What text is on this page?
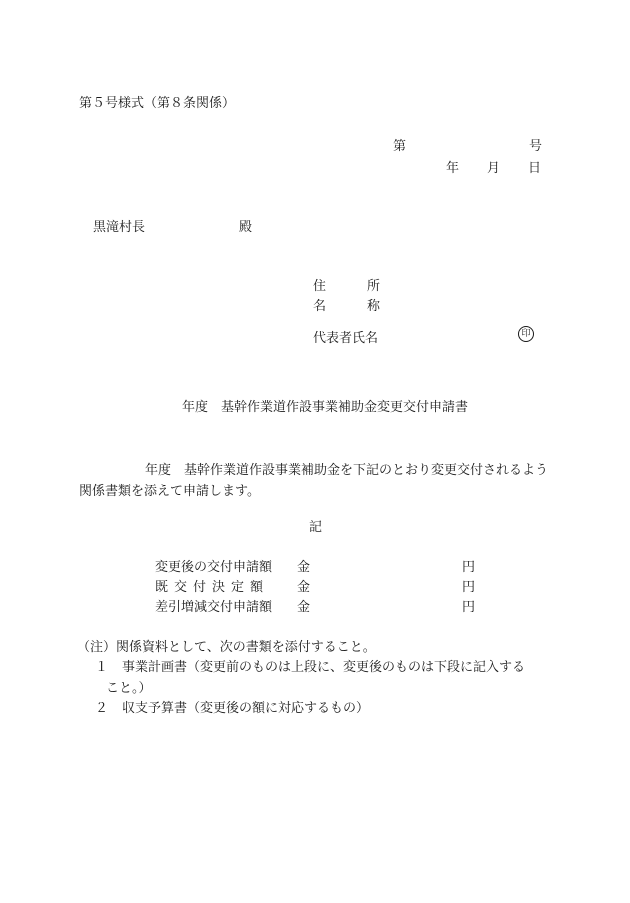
第５号様式（第８条関係）
第	号
年 月 日
黒滝村長	殿
住	所
名	称
代表者氏名	印
年度　基幹作業道作設事業補助金変更交付申請書
年度　基幹作業道作設事業補助金を下記のとおり変更交付されるよう関係書類を添えて申請します。
記
変更後の交付申請額 金	円
既交付決定額 金	円
差引増減交付申請額 金	円
（注）関係資料として、次の書類を添付すること。
１ 事業計画書（変更前のものは上段に、変更後のものは下段に記入する
こと。）
２ 収支予算書（変更後の額に対応するもの）
